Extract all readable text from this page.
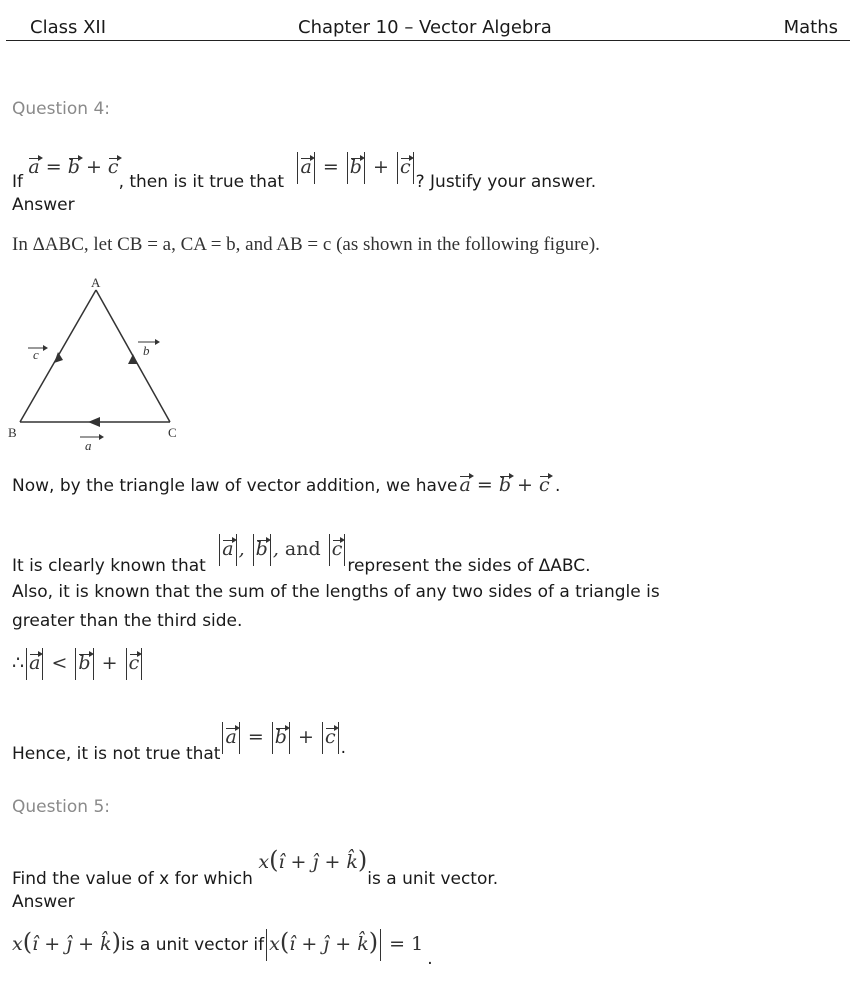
Class XII	Chapter 10 – Vector Algebra	Maths
Question 4:
If a = b + c, then is it true that a = b + c? Justify your answer.
Answer
In ΔABC, let CB = a, CA = b, and AB = c (as shown in the following figure).
A
B	C
c	b
a
Now, by the triangle law of vector addition, we have a = b + c .
It is clearly known that a , b , and crepresent the sides of ΔABC.
Also, it is known that the sum of the lengths of any two sides of a triangle is
greater than the third side.
∴ a < b + c
Hence, it is not true thata = b + c .
Question 5:
Find the value of x for which x(î + ĵ + k̂)is a unit vector.
Answer
x(î + ĵ + k̂)is a unit vector if x(î + ĵ + k̂) = 1.
